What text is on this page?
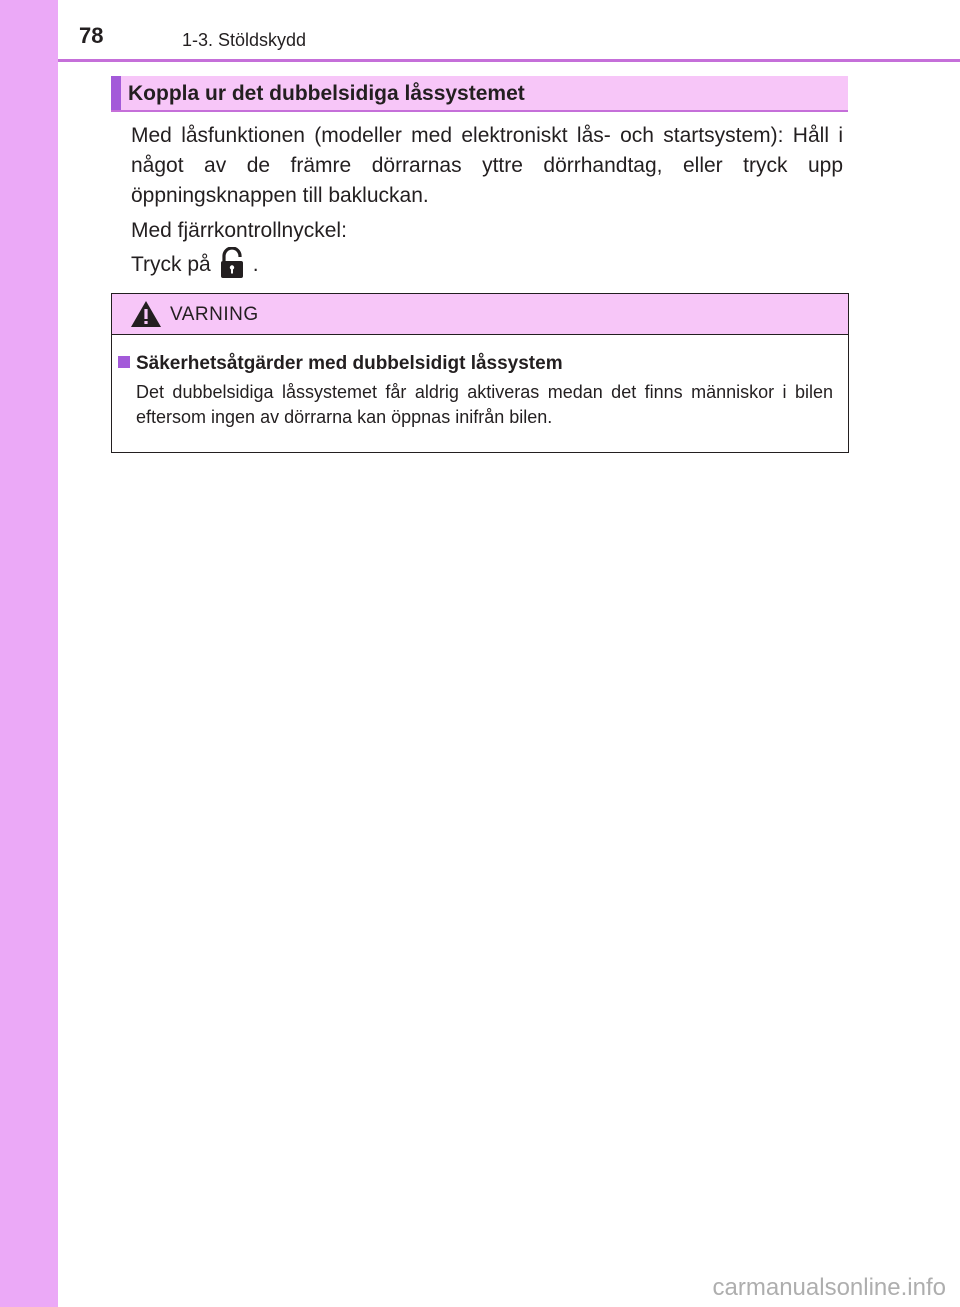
78	1-3. Stöldskydd
Koppla ur det dubbelsidiga låssystemet
Med låsfunktionen (modeller med elektroniskt lås- och startsystem): Håll i något av de främre dörrarnas yttre dörrhandtag, eller tryck upp öppningsknappen till bakluckan.
Med fjärrkontrollnyckel:
Tryck på .
VARNING
Säkerhetsåtgärder med dubbelsidigt låssystem
Det dubbelsidiga låssystemet får aldrig aktiveras medan det finns människor i bilen eftersom ingen av dörrarna kan öppnas inifrån bilen.
carmanualsonline.info
